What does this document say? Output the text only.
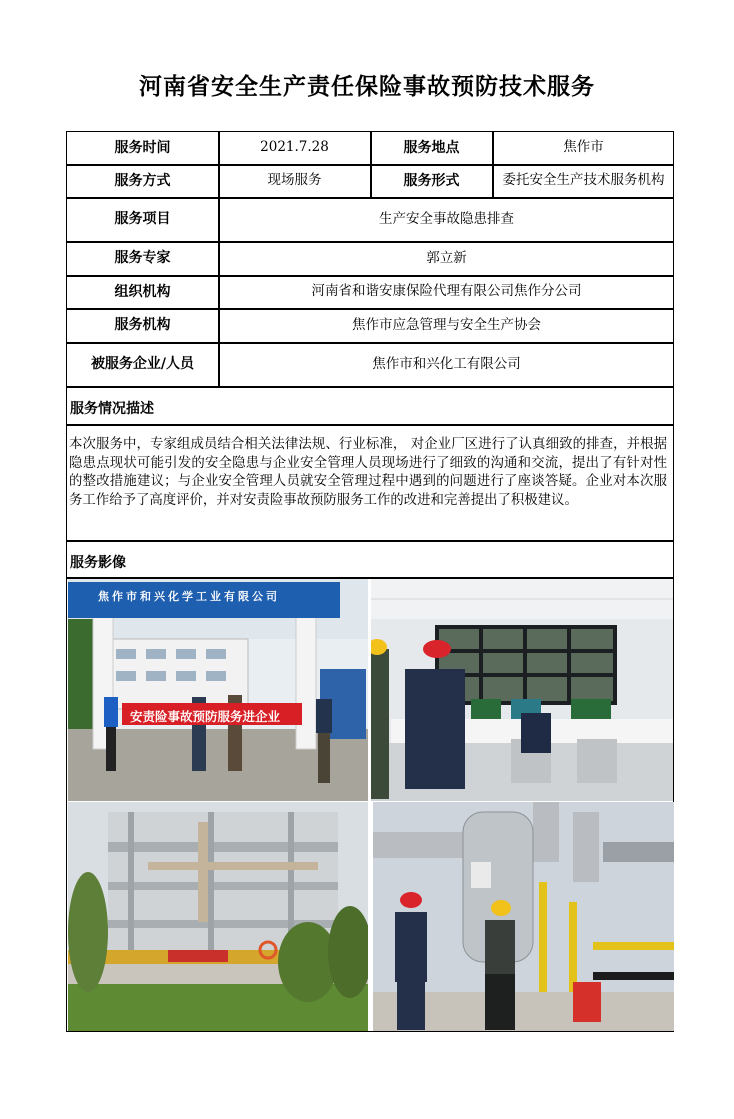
河南省安全生产责任保险事故预防技术服务
服务时间	2021.7.28	服务地点	焦作市
服务方式	现场服务	服务形式	委托安全生产技术服务机构
服务项目	生产安全事故隐患排查
服务专家	郭立新
组织机构	河南省和谐安康保险代理有限公司焦作分公司
服务机构	焦作市应急管理与安全生产协会
被服务企业/人员	焦作市和兴化工有限公司
服务情况描述
本次服务中，专家组成员结合相关法律法规、行业标准， 对企业厂区进行了认真细致的排查，并根据隐患点现状可能引发的安全隐患与企业安全管理人员现场进行了细致的沟通和交流，提出了有针对性的整改措施建议；与企业安全管理人员就安全管理过程中遇到的问题进行了座谈答疑。企业对本次服务工作给予了高度评价，并对安责险事故预防服务工作的改进和完善提出了积极建议。
服务影像
焦作市和兴化学工业有限公司
安责险事故预防服务进企业
